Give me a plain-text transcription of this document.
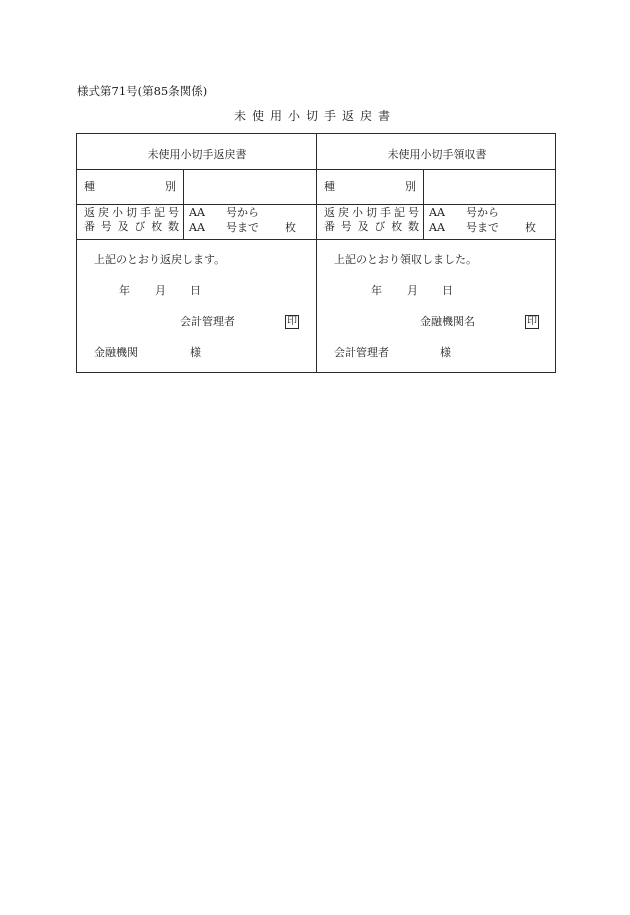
様式第71号(第85条関係)
未使用小切手返戻書
未使用小切手返戻書
種	別
返 戻 小 切 手 記 号
番 号 及 び 枚 数
AA 号から
AA 号まで 枚
上記のとおり返戻します。
年 月 日
会計管理者	印
金融機関	様
未使用小切手領収書
種	別
返 戻 小 切 手 記 号
番 号 及 び 枚 数
AA 号から
AA 号まで 枚
上記のとおり領収しました。
年 月 日
金融機関名	印
会計管理者	様
